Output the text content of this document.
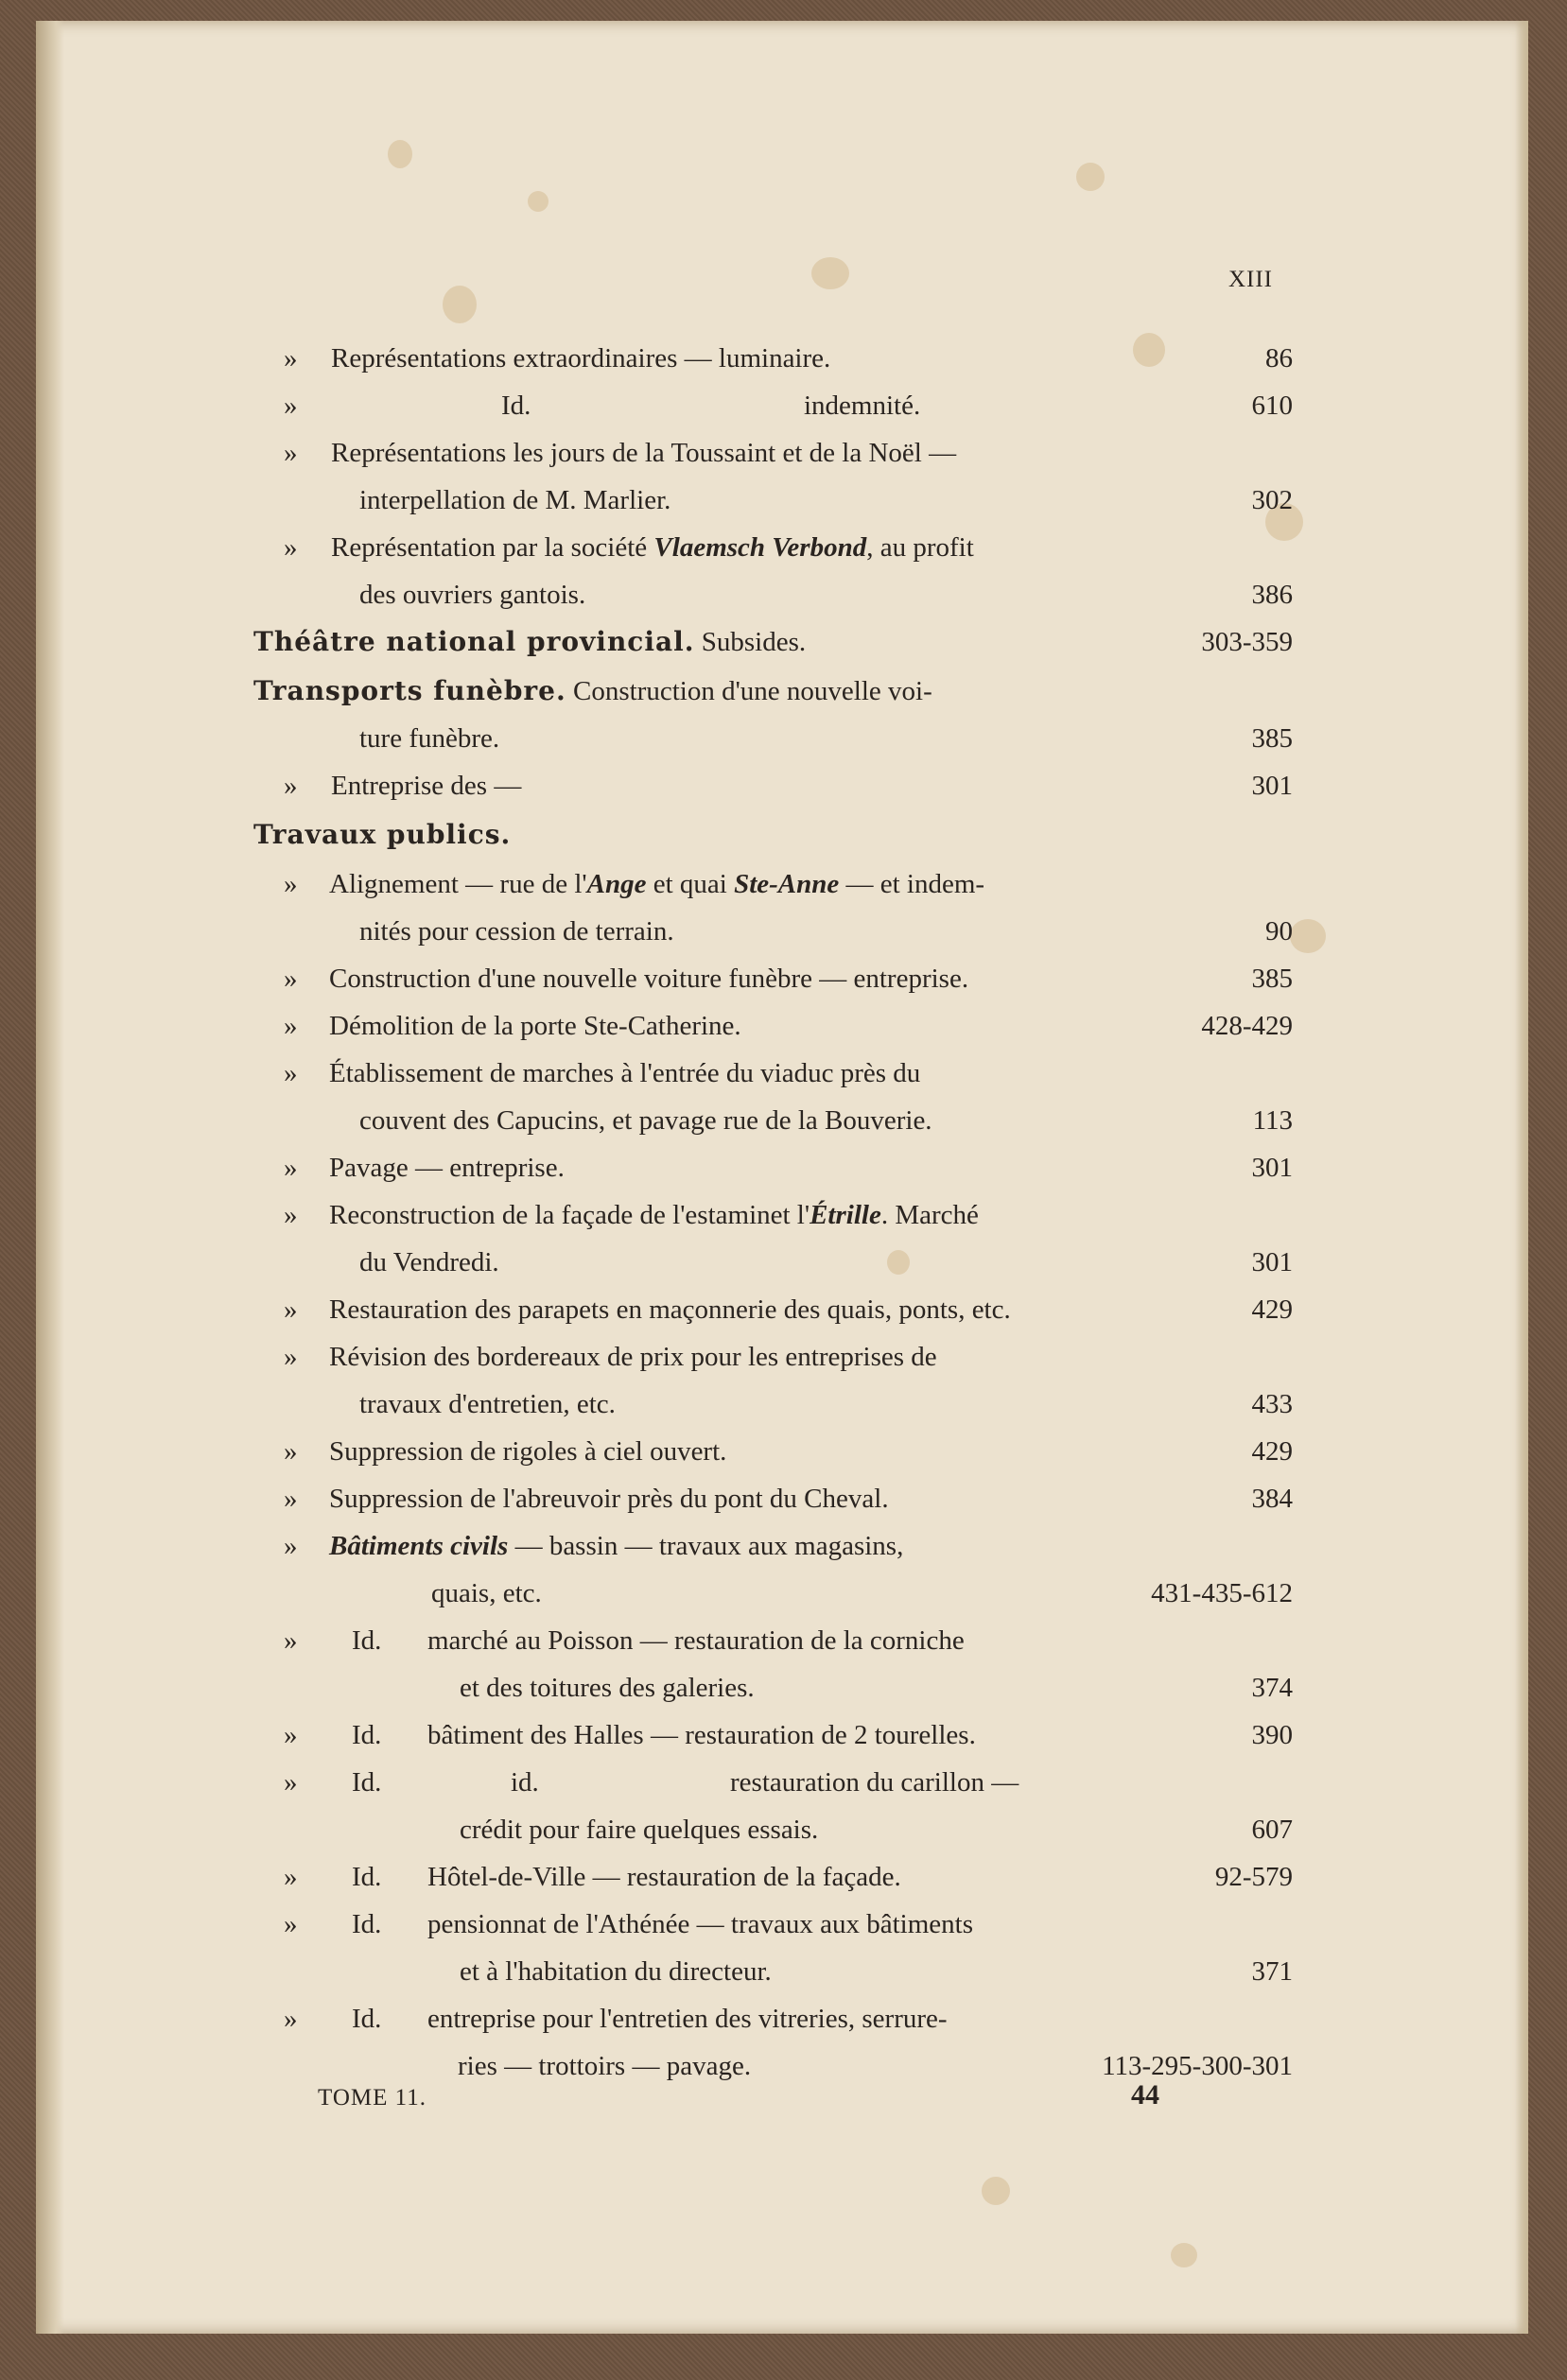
XIII
» Représentations extraordinaires — luminaire.	86
»	Id.	indemnité.	610
» Représentations les jours de la Toussaint et de la Noël —
interpellation de M. Marlier.	302
» Représentation par la société Vlaemsch Verbond, au profit
des ouvriers gantois.	386
Théâtre national provincial. Subsides.	303-359
Transports funèbre. Construction d'une nouvelle voi-
ture funèbre.	385
» Entreprise des —	301
Travaux publics.
» Alignement — rue de l'Ange et quai Ste-Anne — et indem-
nités pour cession de terrain.	90
» Construction d'une nouvelle voiture funèbre — entreprise.	385
» Démolition de la porte Ste-Catherine.	428-429
» Établissement de marches à l'entrée du viaduc près du
couvent des Capucins, et pavage rue de la Bouverie.	113
» Pavage — entreprise.	301
» Reconstruction de la façade de l'estaminet l'Étrille. Marché
du Vendredi.	301
» Restauration des parapets en maçonnerie des quais, ponts, etc.	429
» Révision des bordereaux de prix pour les entreprises de
travaux d'entretien, etc.	433
» Suppression de rigoles à ciel ouvert.	429
» Suppression de l'abreuvoir près du pont du Cheval.	384
» Bâtiments civils — bassin — travaux aux magasins,
quais, etc.	431-435-612
» Id. marché au Poisson — restauration de la corniche
et des toitures des galeries.	374
» Id. bâtiment des Halles — restauration de 2 tourelles.	390
» Id.	id.	restauration du carillon —
crédit pour faire quelques essais.	607
» Id. Hôtel-de-Ville — restauration de la façade.	92-579
» Id. pensionnat de l'Athénée — travaux aux bâtiments
et à l'habitation du directeur.	371
» Id. entreprise pour l'entretien des vitreries, serrure-
ries — trottoirs — pavage.	113-295-300-301
TOME 11.	44
